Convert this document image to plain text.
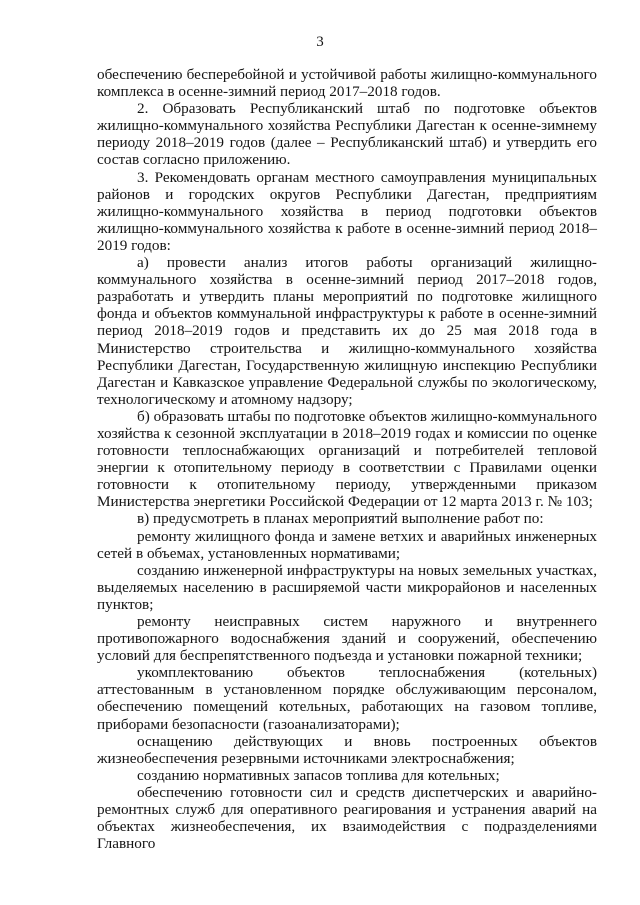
3

обеспечению бесперебойной и устойчивой работы жилищно-коммунального комплекса в осенне-зимний период 2017–2018 годов.

2. Образовать Республиканский штаб по подготовке объектов жилищно-коммунального хозяйства Республики Дагестан к осенне-зимнему периоду 2018–2019 годов (далее – Республиканский штаб) и утвердить его состав согласно приложению.

3. Рекомендовать органам местного самоуправления муниципальных районов и городских округов Республики Дагестан, предприятиям жилищно-коммунального хозяйства в период подготовки объектов жилищно-коммунального хозяйства к работе в осенне-зимний период 2018–2019 годов:

а) провести анализ итогов работы организаций жилищно-коммунального хозяйства в осенне-зимний период 2017–2018 годов, разработать и утвердить планы мероприятий по подготовке жилищного фонда и объектов коммунальной инфраструктуры к работе в осенне-зимний период 2018–2019 годов и представить их до 25 мая 2018 года в Министерство строительства и жилищно-коммунального хозяйства Республики Дагестан, Государственную жилищную инспекцию Республики Дагестан и Кавказское управление Федеральной службы по экологическому, технологическому и атомному надзору;

б) образовать штабы по подготовке объектов жилищно-коммунального хозяйства к сезонной эксплуатации в 2018–2019 годах и комиссии по оценке готовности теплоснабжающих организаций и потребителей тепловой энергии к отопительному периоду в соответствии с Правилами оценки готовности к отопительному периоду, утвержденными приказом Министерства энергетики Российской Федерации от 12 марта 2013 г. № 103;

в) предусмотреть в планах мероприятий выполнение работ по:

ремонту жилищного фонда и замене ветхих и аварийных инженерных сетей в объемах, установленных нормативами;

созданию инженерной инфраструктуры на новых земельных участках, выделяемых населению в расширяемой части микрорайонов и населенных пунктов;

ремонту неисправных систем наружного и внутреннего противопожарного водоснабжения зданий и сооружений, обеспечению условий для беспрепятственного подъезда и установки пожарной техники;

укомплектованию объектов теплоснабжения (котельных) аттестованным в установленном порядке обслуживающим персоналом, обеспечению помещений котельных, работающих на газовом топливе, приборами безопасности (газоанализаторами);

оснащению действующих и вновь построенных объектов жизнеобеспечения резервными источниками электроснабжения;

созданию нормативных запасов топлива для котельных;

обеспечению готовности сил и средств диспетчерских и аварийно-ремонтных служб для оперативного реагирования и устранения аварий на объектах жизнеобеспечения, их взаимодействия с подразделениями Главного
